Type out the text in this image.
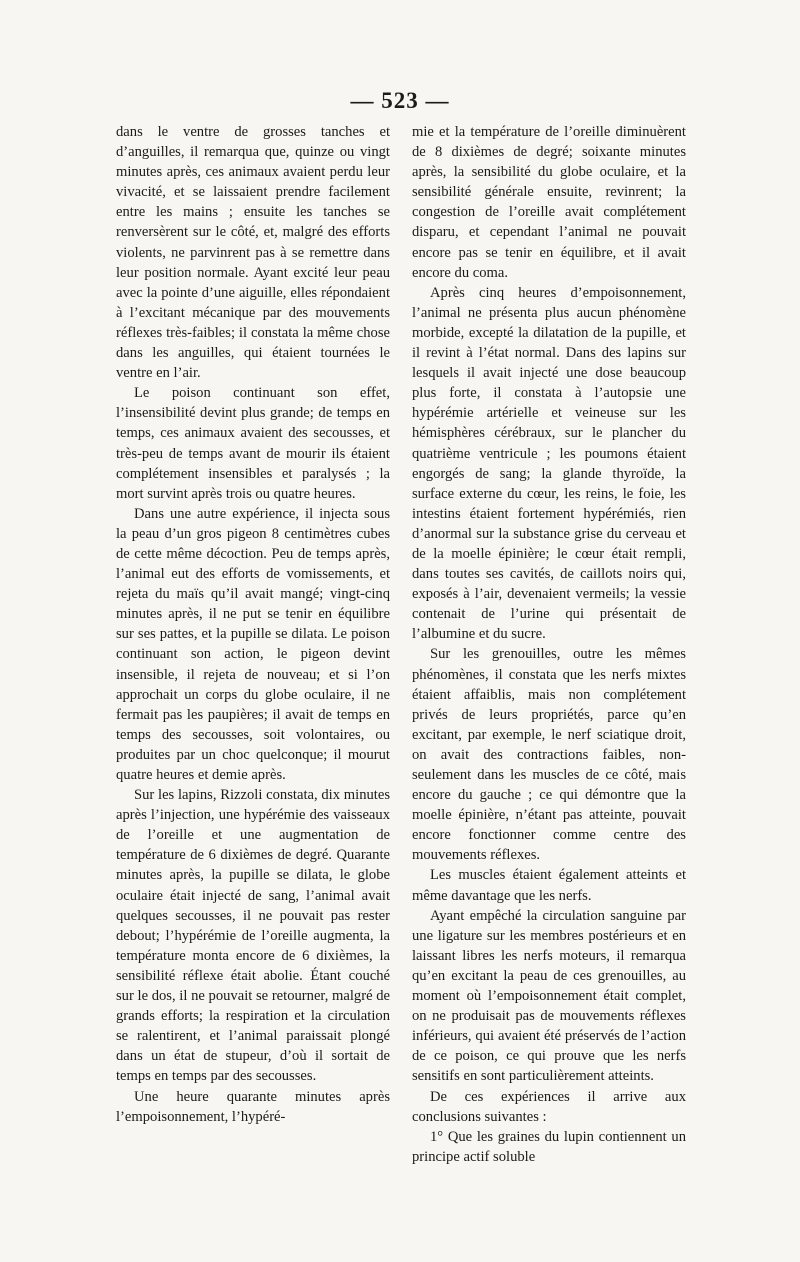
— 523 —

dans le ventre de grosses tanches et d’anguilles, il remarqua que, quinze ou vingt minutes après, ces animaux avaient perdu leur vivacité, et se laissaient prendre facilement entre les mains ; ensuite les tanches se renversèrent sur le côté, et, malgré des efforts violents, ne parvinrent pas à se remettre dans leur position normale. Ayant excité leur peau avec la pointe d’une aiguille, elles répondaient à l’excitant mécanique par des mouvements réflexes très-faibles; il constata la même chose dans les anguilles, qui étaient tournées le ventre en l’air.

Le poison continuant son effet, l’insensibilité devint plus grande; de temps en temps, ces animaux avaient des secousses, et très-peu de temps avant de mourir ils étaient complétement insensibles et paralysés ; la mort survint après trois ou quatre heures.

Dans une autre expérience, il injecta sous la peau d’un gros pigeon 8 centimètres cubes de cette même décoction. Peu de temps après, l’animal eut des efforts de vomissements, et rejeta du maïs qu’il avait mangé; vingt-cinq minutes après, il ne put se tenir en équilibre sur ses pattes, et la pupille se dilata. Le poison continuant son action, le pigeon devint insensible, il rejeta de nouveau; et si l’on approchait un corps du globe oculaire, il ne fermait pas les paupières; il avait de temps en temps des secousses, soit volontaires, ou produites par un choc quelconque; il mourut quatre heures et demie après.

Sur les lapins, Rizzoli constata, dix minutes après l’injection, une hypérémie des vaisseaux de l’oreille et une augmentation de température de 6 dixièmes de degré. Quarante minutes après, la pupille se dilata, le globe oculaire était injecté de sang, l’animal avait quelques secousses, il ne pouvait pas rester debout; l’hypérémie de l’oreille augmenta, la température monta encore de 6 dixièmes, la sensibilité réflexe était abolie. Étant couché sur le dos, il ne pouvait se retourner, malgré de grands efforts; la respiration et la circulation se ralentirent, et l’animal paraissait plongé dans un état de stupeur, d’où il sortait de temps en temps par des secousses.

Une heure quarante minutes après l’empoisonnement, l’hypéré-

mie et la température de l’oreille diminuèrent de 8 dixièmes de degré; soixante minutes après, la sensibilité du globe oculaire, et la sensibilité générale ensuite, revinrent; la congestion de l’oreille avait complétement disparu, et cependant l’animal ne pouvait encore pas se tenir en équilibre, et il avait encore du coma.

Après cinq heures d’empoisonnement, l’animal ne présenta plus aucun phénomène morbide, excepté la dilatation de la pupille, et il revint à l’état normal. Dans des lapins sur lesquels il avait injecté une dose beaucoup plus forte, il constata à l’autopsie une hypérémie artérielle et veineuse sur les hémisphères cérébraux, sur le plancher du quatrième ventricule ; les poumons étaient engorgés de sang; la glande thyroïde, la surface externe du cœur, les reins, le foie, les intestins étaient fortement hypérémiés, rien d’anormal sur la substance grise du cerveau et de la moelle épinière; le cœur était rempli, dans toutes ses cavités, de caillots noirs qui, exposés à l’air, devenaient vermeils; la vessie contenait de l’urine qui présentait de l’albumine et du sucre.

Sur les grenouilles, outre les mêmes phénomènes, il constata que les nerfs mixtes étaient affaiblis, mais non complétement privés de leurs propriétés, parce qu’en excitant, par exemple, le nerf sciatique droit, on avait des contractions faibles, non-seulement dans les muscles de ce côté, mais encore du gauche ; ce qui démontre que la moelle épinière, n’étant pas atteinte, pouvait encore fonctionner comme centre des mouvements réflexes.

Les muscles étaient également atteints et même davantage que les nerfs.

Ayant empêché la circulation sanguine par une ligature sur les membres postérieurs et en laissant libres les nerfs moteurs, il remarqua qu’en excitant la peau de ces grenouilles, au moment où l’empoisonnement était complet, on ne produisait pas de mouvements réflexes inférieurs, qui avaient été préservés de l’action de ce poison, ce qui prouve que les nerfs sensitifs en sont particulièrement atteints.

De ces expériences il arrive aux conclusions suivantes :

1° Que les graines du lupin contiennent un principe actif soluble
